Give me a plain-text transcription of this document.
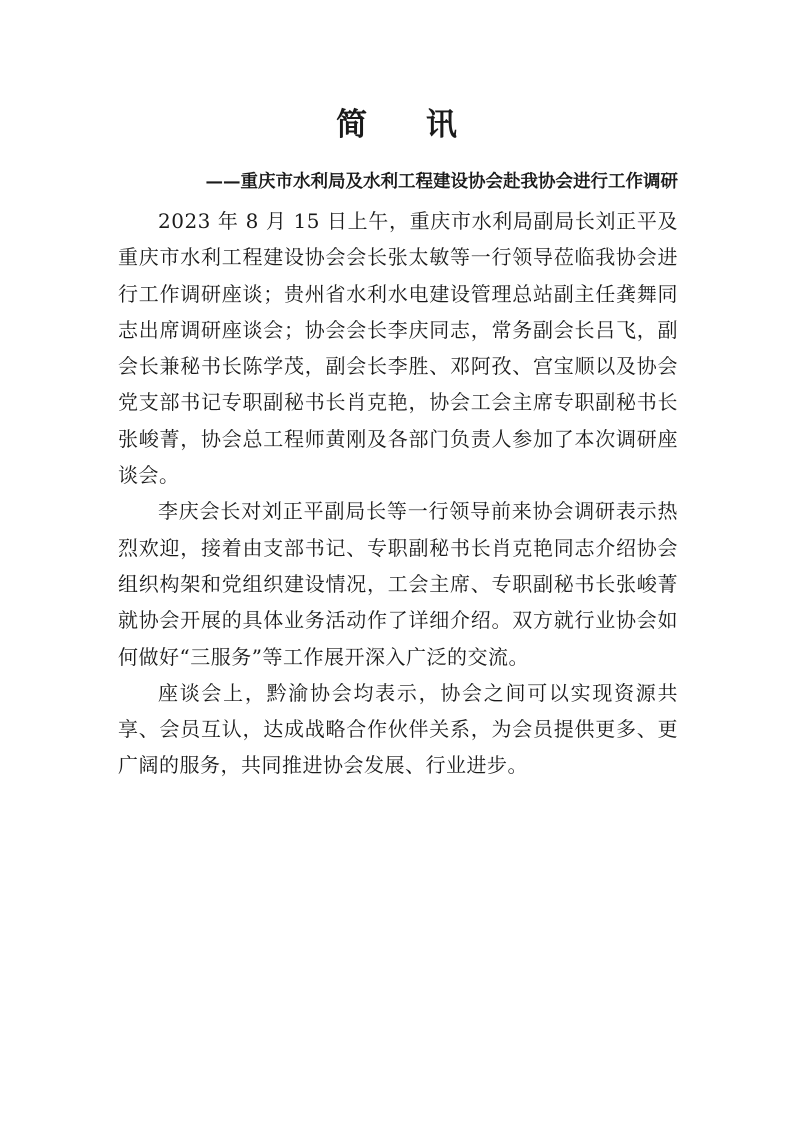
简 讯
——重庆市水利局及水利工程建设协会赴我协会进行工作调研

2023 年 8 月 15 日上午，重庆市水利局副局长刘正平及重庆市水利工程建设协会会长张太敏等一行领导莅临我协会进行工作调研座谈；贵州省水利水电建设管理总站副主任龚舞同志出席调研座谈会；协会会长李庆同志，常务副会长吕飞，副会长兼秘书长陈学茂，副会长李胜、邓阿孜、宫宝顺以及协会党支部书记专职副秘书长肖克艳，协会工会主席专职副秘书长张峻菁，协会总工程师黄刚及各部门负责人参加了本次调研座谈会。

李庆会长对刘正平副局长等一行领导前来协会调研表示热烈欢迎，接着由支部书记、专职副秘书长肖克艳同志介绍协会组织构架和党组织建设情况，工会主席、专职副秘书长张峻菁就协会开展的具体业务活动作了详细介绍。双方就行业协会如何做好“三服务”等工作展开深入广泛的交流。

座谈会上，黔渝协会均表示，协会之间可以实现资源共享、会员互认，达成战略合作伙伴关系，为会员提供更多、更广阔的服务，共同推进协会发展、行业进步。
